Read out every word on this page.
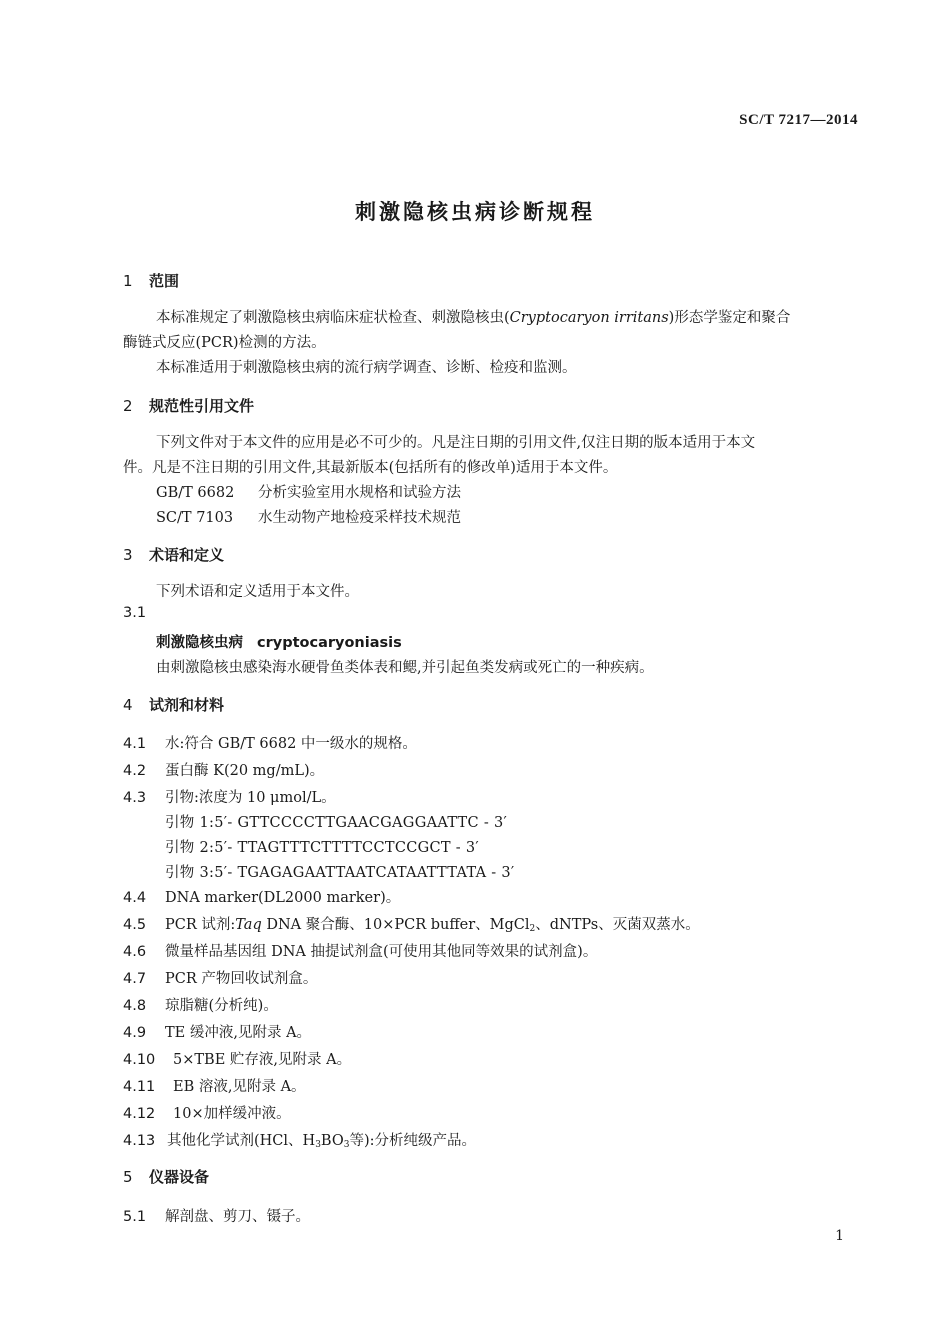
SC/T 7217—2014
刺激隐核虫病诊断规程
1 范围
本标准规定了刺激隐核虫病临床症状检查、刺激隐核虫(Cryptocaryon irritans)形态学鉴定和聚合
酶链式反应(PCR)检测的方法。
本标准适用于刺激隐核虫病的流行病学调查、诊断、检疫和监测。
2 规范性引用文件
下列文件对于本文件的应用是必不可少的。凡是注日期的引用文件,仅注日期的版本适用于本文
件。凡是不注日期的引用文件,其最新版本(包括所有的修改单)适用于本文件。
GB/T 6682 分析实验室用水规格和试验方法
SC/T 7103 水生动物产地检疫采样技术规范
3 术语和定义
下列术语和定义适用于本文件。
3.1
刺激隐核虫病 cryptocaryoniasis
由刺激隐核虫感染海水硬骨鱼类体表和鳃,并引起鱼类发病或死亡的一种疾病。
4 试剂和材料
4.1 水:符合 GB/T 6682 中一级水的规格。
4.2 蛋白酶 K(20 mg/mL)。
4.3 引物:浓度为 10 μmol/L。
引物 1:5′- GTTCCCCTTGAACGAGGAATTC - 3′
引物 2:5′- TTAGTTTCTTTTCCTCCGCT - 3′
引物 3:5′- TGAGAGAATTAATCATAATTTATA - 3′
4.4 DNA marker(DL2000 marker)。
4.5 PCR 试剂:Taq DNA 聚合酶、10×PCR buffer、MgCl$_2$、dNTPs、灭菌双蒸水。
4.6 微量样品基因组 DNA 抽提试剂盒(可使用其他同等效果的试剂盒)。
4.7 PCR 产物回收试剂盒。
4.8 琼脂糖(分析纯)。
4.9 TE 缓冲液,见附录 A。
4.10 5×TBE 贮存液,见附录 A。
4.11 EB 溶液,见附录 A。
4.12 10×加样缓冲液。
4.13 其他化学试剂(HCl、$H_3BO_3$等):分析纯级产品。
5 仪器设备
5.1 解剖盘、剪刀、镊子。
1
